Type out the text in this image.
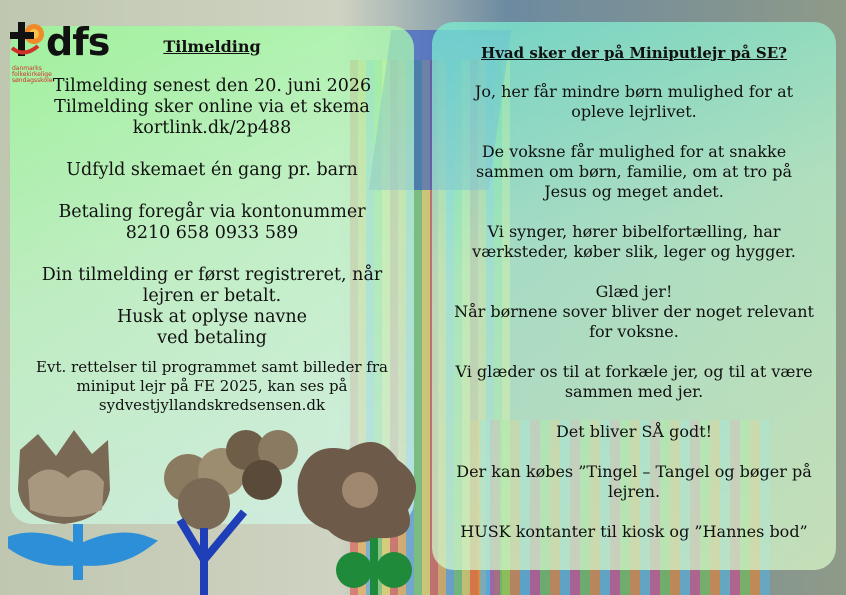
dfs
danmarks folkekirkelige
søndagsskoler
Tilmelding
Tilmelding senest den 20. juni 2026
Tilmelding sker online via et skema
kortlink.dk/2p488
Udfyld skemaet én gang pr. barn
Betaling foregår via kontonummer
8210 658 0933 589
Din tilmelding er først registreret, når
lejren er betalt.
Husk at oplyse navne
ved betaling
Evt. rettelser til programmet samt billeder fra
miniput lejr på FE 2025, kan ses på
sydvestjyllandskredsensen.dk
Hvad sker der på Miniputlejr på SE?
Jo, her får mindre børn mulighed for at
opleve lejrlivet.
De voksne får mulighed for at snakke
sammen om børn, familie, om at tro på
Jesus og meget andet.
Vi synger, hører bibelfortælling, har
værksteder, køber slik, leger og hygger.
Glæd jer!
Når børnene sover bliver der noget relevant
for voksne.
Vi glæder os til at forkæle jer, og til at være
sammen med jer.
Det bliver SÅ godt!
Der kan købes ”Tingel – Tangel og bøger på
lejren.
HUSK kontanter til kiosk og ”Hannes bod”
